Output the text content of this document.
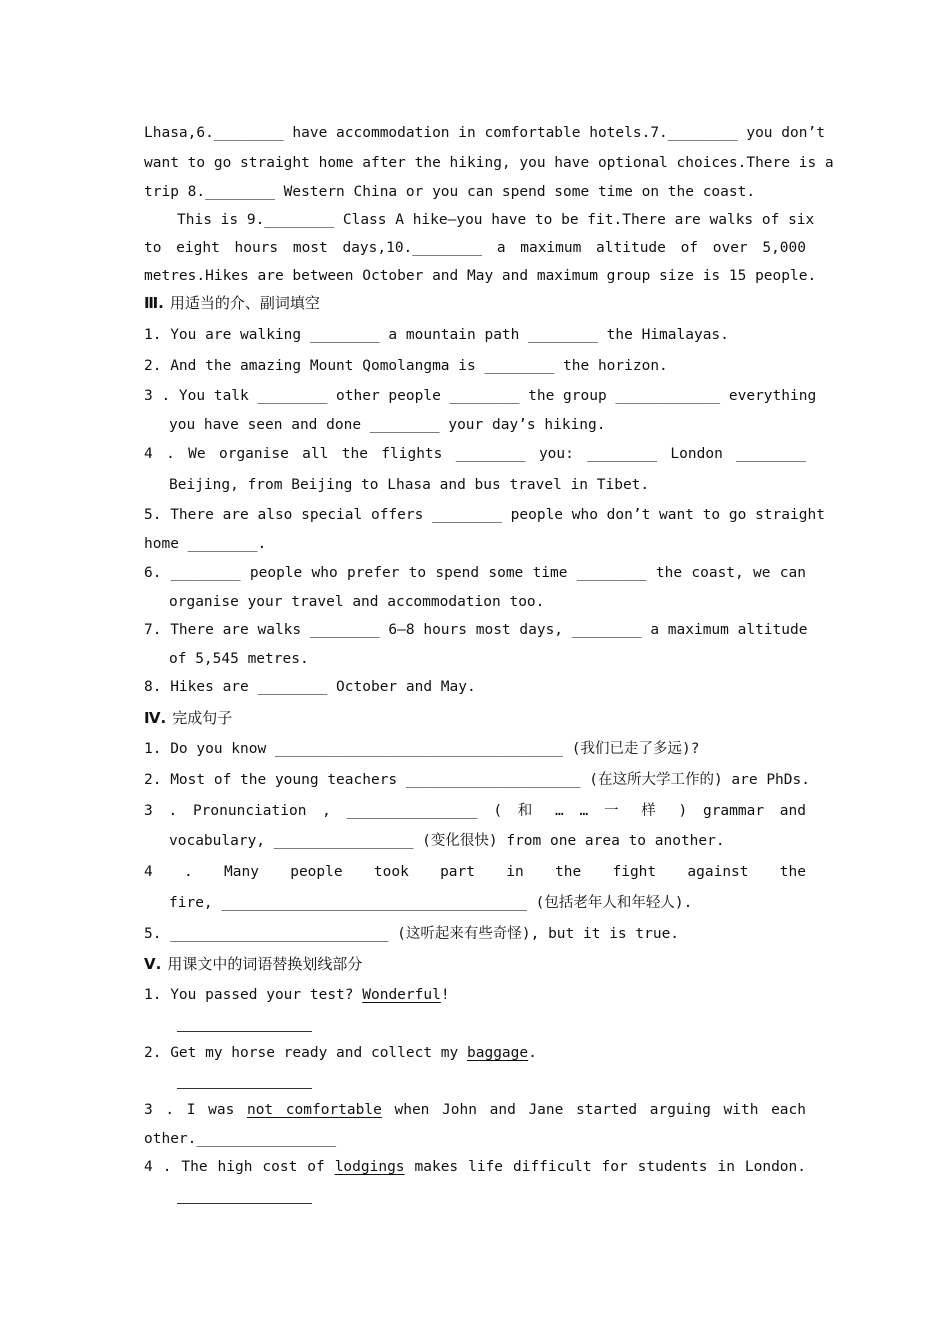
Lhasa,6.________ have accommodation in comfortable hotels.7.________ you don’t
want to go straight home after the hiking, you have optional choices.There is a
trip 8.________ Western China or you can spend some time on the coast.
This is 9.________ Class A hike—you have to be fit.There are walks of six
to eight hours most days,10.________ a maximum altitude of over 5,000
metres.Hikes are between October and May and maximum group size is 15 people.
Ⅲ. 用适当的介、副词填空
1. You are walking ________ a mountain path ________ the Himalayas.
2. And the amazing Mount Qomolangma is ________ the horizon.
3 . You talk ________ other people ________ the group ____________ everything
you have seen and done ________ your day’s hiking.
4 . We organise all the flights ________ you: ________ London ________
Beijing, from Beijing to Lhasa and bus travel in Tibet.
5. There are also special offers ________ people who don’t want to go straight
home ________.
6. ________ people who prefer to spend some time ________ the coast, we can
organise your travel and accommodation too.
7. There are walks ________ 6—8 hours most days, ________ a maximum altitude
of 5,545 metres.
8. Hikes are ________ October and May.
Ⅳ. 完成句子
1. Do you know _________________________________ (我们已走了多远)?
2. Most of the young teachers ____________________ (在这所大学工作的) are PhDs.
3 . Pronunciation , _______________ ( 和 … … 一 样 ) grammar and
vocabulary, ________________ (变化很快) from one area to another.
4 . Many people took part in the fight against the
fire, ___________________________________ (包括老年人和年轻人).
5. _________________________ (这听起来有些奇怪), but it is true.
Ⅴ. 用课文中的词语替换划线部分
1. You passed your test? Wonderful!
2. Get my horse ready and collect my baggage.
3 . I was not comfortable when John and Jane started arguing with each
other.________________
4 . The high cost of lodgings makes life difficult for students in London.
